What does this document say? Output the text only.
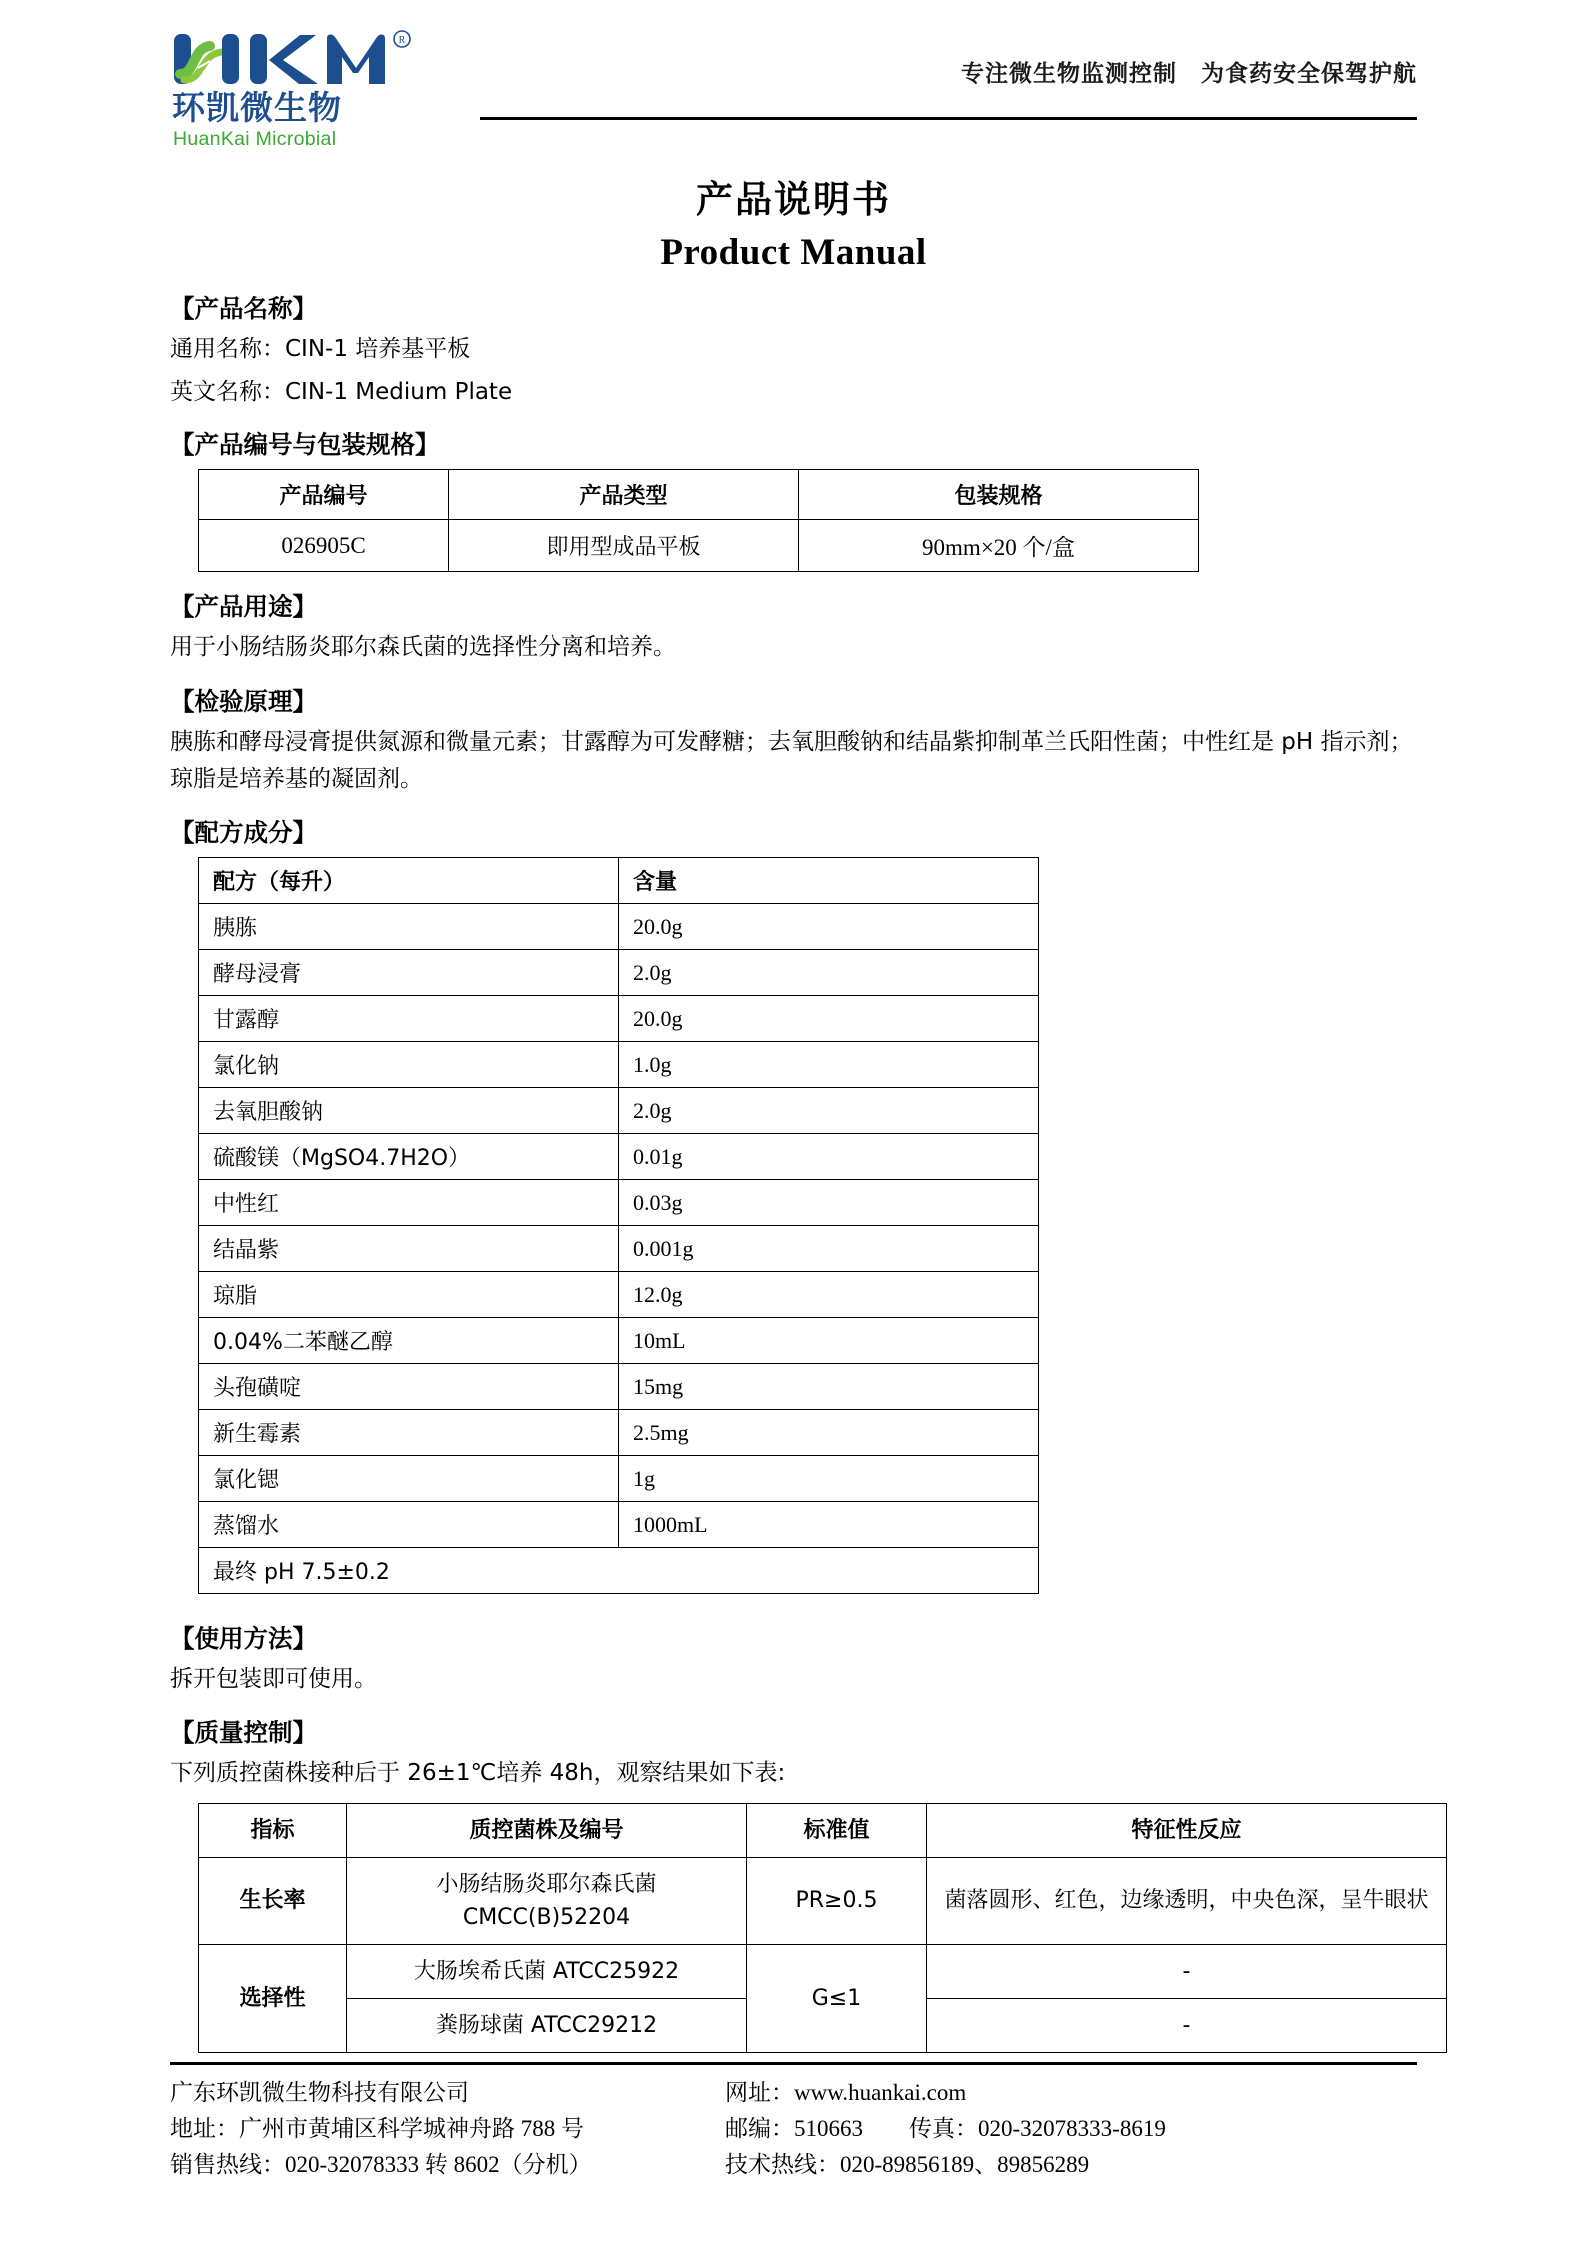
R
环凯微生物
HuanKai Microbial
专注微生物监测控制　为食药安全保驾护航
产品说明书
Product Manual
【产品名称】
通用名称：CIN-1 培养基平板
英文名称：CIN-1 Medium Plate
【产品编号与包装规格】
产品编号	产品类型	包装规格
026905C	即用型成品平板	90mm×20 个/盒
【产品用途】
用于小肠结肠炎耶尔森氏菌的选择性分离和培养。
【检验原理】
胰胨和酵母浸膏提供氮源和微量元素；甘露醇为可发酵糖；去氧胆酸钠和结晶紫抑制革兰氏阳性菌；中性红是 pH 指示剂；琼脂是培养基的凝固剂。
【配方成分】
配方（每升）	含量
胰胨	20.0g
酵母浸膏	2.0g
甘露醇	20.0g
氯化钠	1.0g
去氧胆酸钠	2.0g
硫酸镁（MgSO4.7H2O）	0.01g
中性红	0.03g
结晶紫	0.001g
琼脂	12.0g
0.04%二苯醚乙醇	10mL
头孢磺啶	15mg
新生霉素	2.5mg
氯化锶	1g
蒸馏水	1000mL
最终 pH 7.5±0.2	
【使用方法】
拆开包装即可使用。
【质量控制】
下列质控菌株接种后于 26±1℃培养 48h，观察结果如下表:
指标	质控菌株及编号	标准值	特征性反应
生长率	小肠结肠炎耶尔森氏菌 CMCC(B)52204	PR≥0.5	菌落圆形、红色，边缘透明，中央色深，呈牛眼状
选择性	大肠埃希氏菌 ATCC25922	G≤1	-
	粪肠球菌 ATCC29212		-
广东环凯微生物科技有限公司
地址：广州市黄埔区科学城神舟路 788 号
销售热线：020-32078333 转 8602（分机）
网址：www.huankai.com
邮编：510663　　传真：020-32078333-8619
技术热线：020-89856189、89856289
